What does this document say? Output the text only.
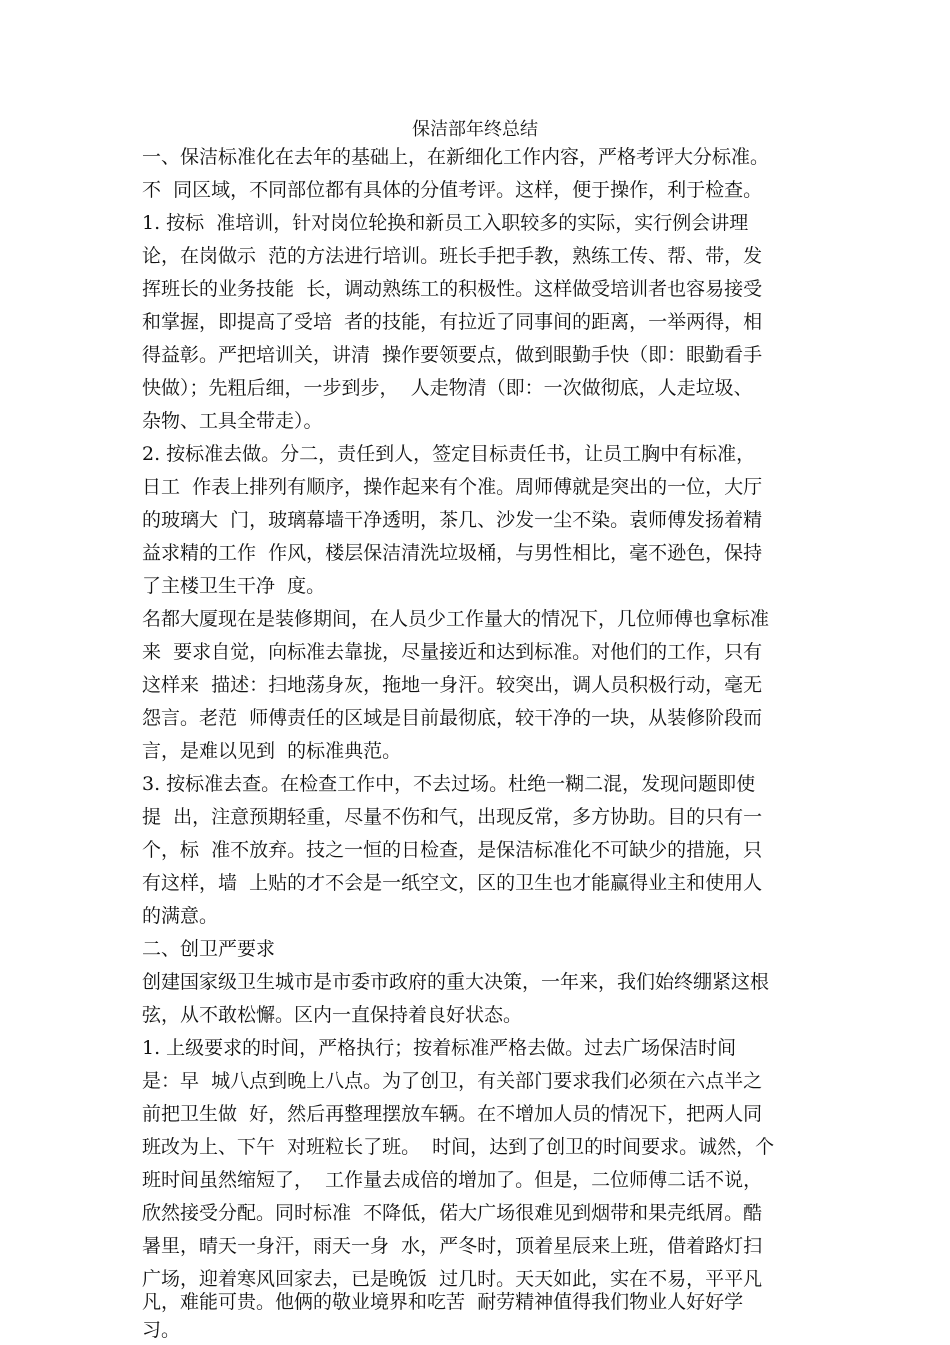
保洁部年终总结
一、保洁标准化在去年的基础上，在新细化工作内容，严格考评大分标准。
不  同区域，不同部位都有具体的分值考评。这样，便于操作，利于检查。
1. 按标  准培训，针对岗位轮换和新员工入职较多的实际，实行例会讲理
论，在岗做示  范的方法进行培训。班长手把手教，熟练工传、帮、带，发
挥班长的业务技能  长，调动熟练工的积极性。这样做受培训者也容易接受
和掌握，即提高了受培  者的技能，有拉近了同事间的距离，一举两得，相
得益彰。严把培训关，讲清  操作要领要点，做到眼勤手快（即：眼勤看手
快做）；先粗后细，一步到步，  人走物清（即：一次做彻底，人走垃圾、
杂物、工具全带走）。
2. 按标准去做。分二，责任到人，签定目标责任书，让员工胸中有标准，
日工  作表上排列有顺序，操作起来有个准。周师傅就是突出的一位，大厅
的玻璃大  门，玻璃幕墙干净透明，茶几、沙发一尘不染。袁师傅发扬着精
益求精的工作  作风，楼层保洁清洗垃圾桶，与男性相比，毫不逊色，保持
了主楼卫生干净  度。
名都大厦现在是装修期间，在人员少工作量大的情况下，几位师傅也拿标准
来  要求自觉，向标准去靠拢，尽量接近和达到标准。对他们的工作，只有
这样来  描述：扫地荡身灰，拖地一身汗。较突出，调人员积极行动，毫无
怨言。老范  师傅责任的区域是目前最彻底，较干净的一块，从装修阶段而
言，是难以见到  的标准典范。
3. 按标准去查。在检查工作中，不去过场。杜绝一糊二混，发现问题即使
提  出，注意预期轻重，尽量不伤和气，出现反常，多方协助。目的只有一
个，标  准不放弃。技之一恒的日检查，是保洁标准化不可缺少的措施，只
有这样，墙  上贴的才不会是一纸空文，区的卫生也才能赢得业主和使用人
的满意。
二、创卫严要求
创建国家级卫生城市是市委市政府的重大决策，一年来，我们始终绷紧这根
弦，从不敢松懈。区内一直保持着良好状态。
1. 上级要求的时间，严格执行；按着标准严格去做。过去广场保洁时间
是：早  城八点到晚上八点。为了创卫，有关部门要求我们必须在六点半之
前把卫生做  好，然后再整理摆放车辆。在不增加人员的情况下，把两人同
班改为上、下午  对班粒长了班。  时间，达到了创卫的时间要求。诚然，个
班时间虽然缩短了，  工作量去成倍的增加了。但是，二位师傅二话不说，
欣然接受分配。同时标准  不降低，偌大广场很难见到烟带和果壳纸屑。酷
暑里，晴天一身汗，雨天一身  水，严冬时，顶着星辰来上班，借着路灯扫
广场，迎着寒风回家去，已是晚饭  过几时。天天如此，实在不易，平平凡
凡，难能可贵。他俩的敬业境界和吃苦  耐劳精神值得我们物业人好好学
习。
